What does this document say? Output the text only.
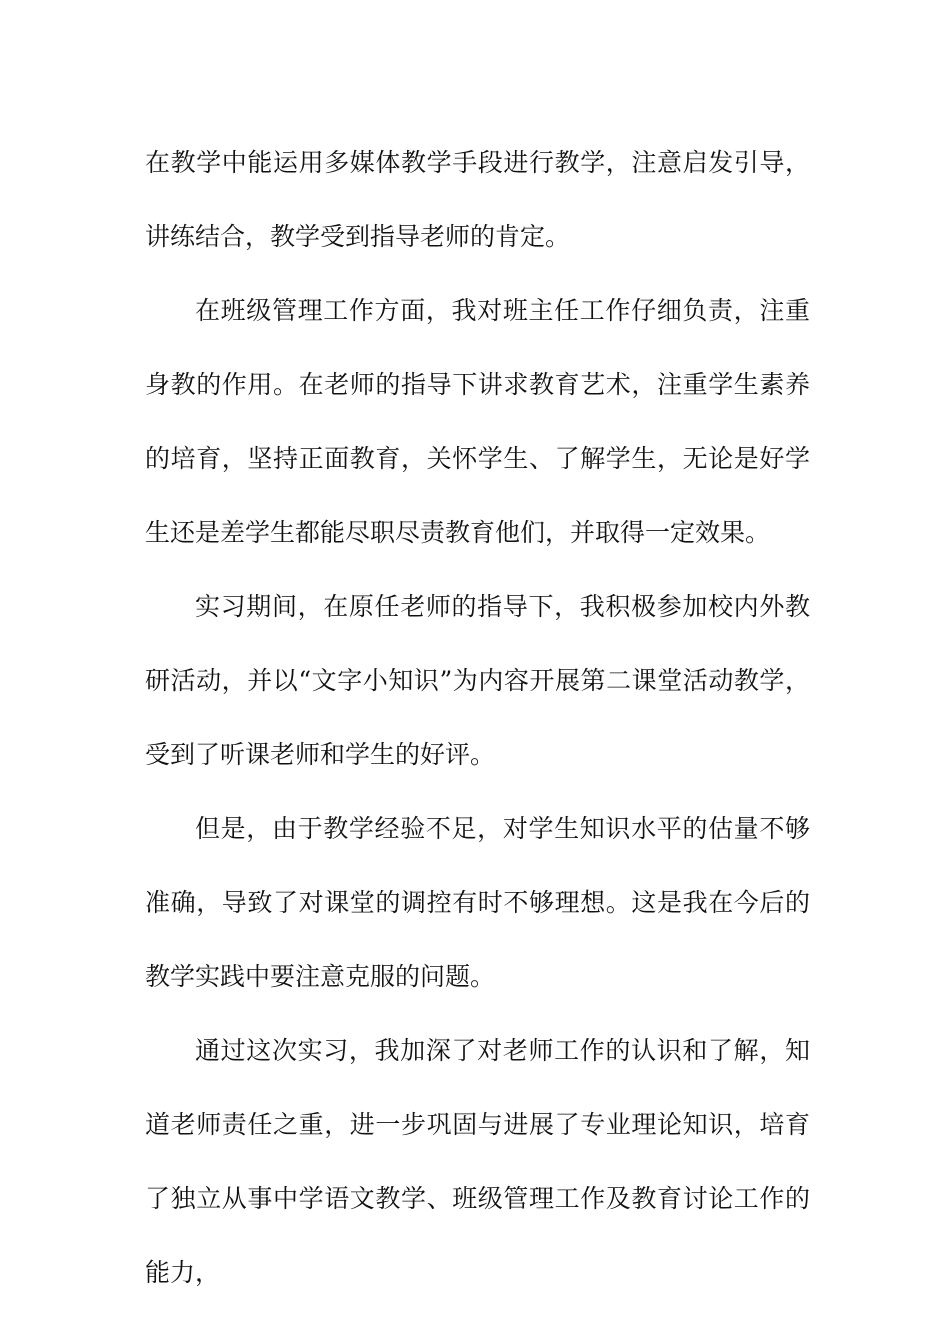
在教学中能运用多媒体教学手段进行教学，注意启发引导，讲练结合，教学受到指导老师的肯定。

在班级管理工作方面，我对班主任工作仔细负责，注重身教的作用。在老师的指导下讲求教育艺术，注重学生素养的培育，坚持正面教育，关怀学生、了解学生，无论是好学生还是差学生都能尽职尽责教育他们，并取得一定效果。

实习期间，在原任老师的指导下，我积极参加校内外教研活动，并以“文字小知识”为内容开展第二课堂活动教学，受到了听课老师和学生的好评。

但是，由于教学经验不足，对学生知识水平的估量不够准确，导致了对课堂的调控有时不够理想。这是我在今后的教学实践中要注意克服的问题。

通过这次实习，我加深了对老师工作的认识和了解，知道老师责任之重，进一步巩固与进展了专业理论知识，培育了独立从事中学语文教学、班级管理工作及教育讨论工作的能力，
